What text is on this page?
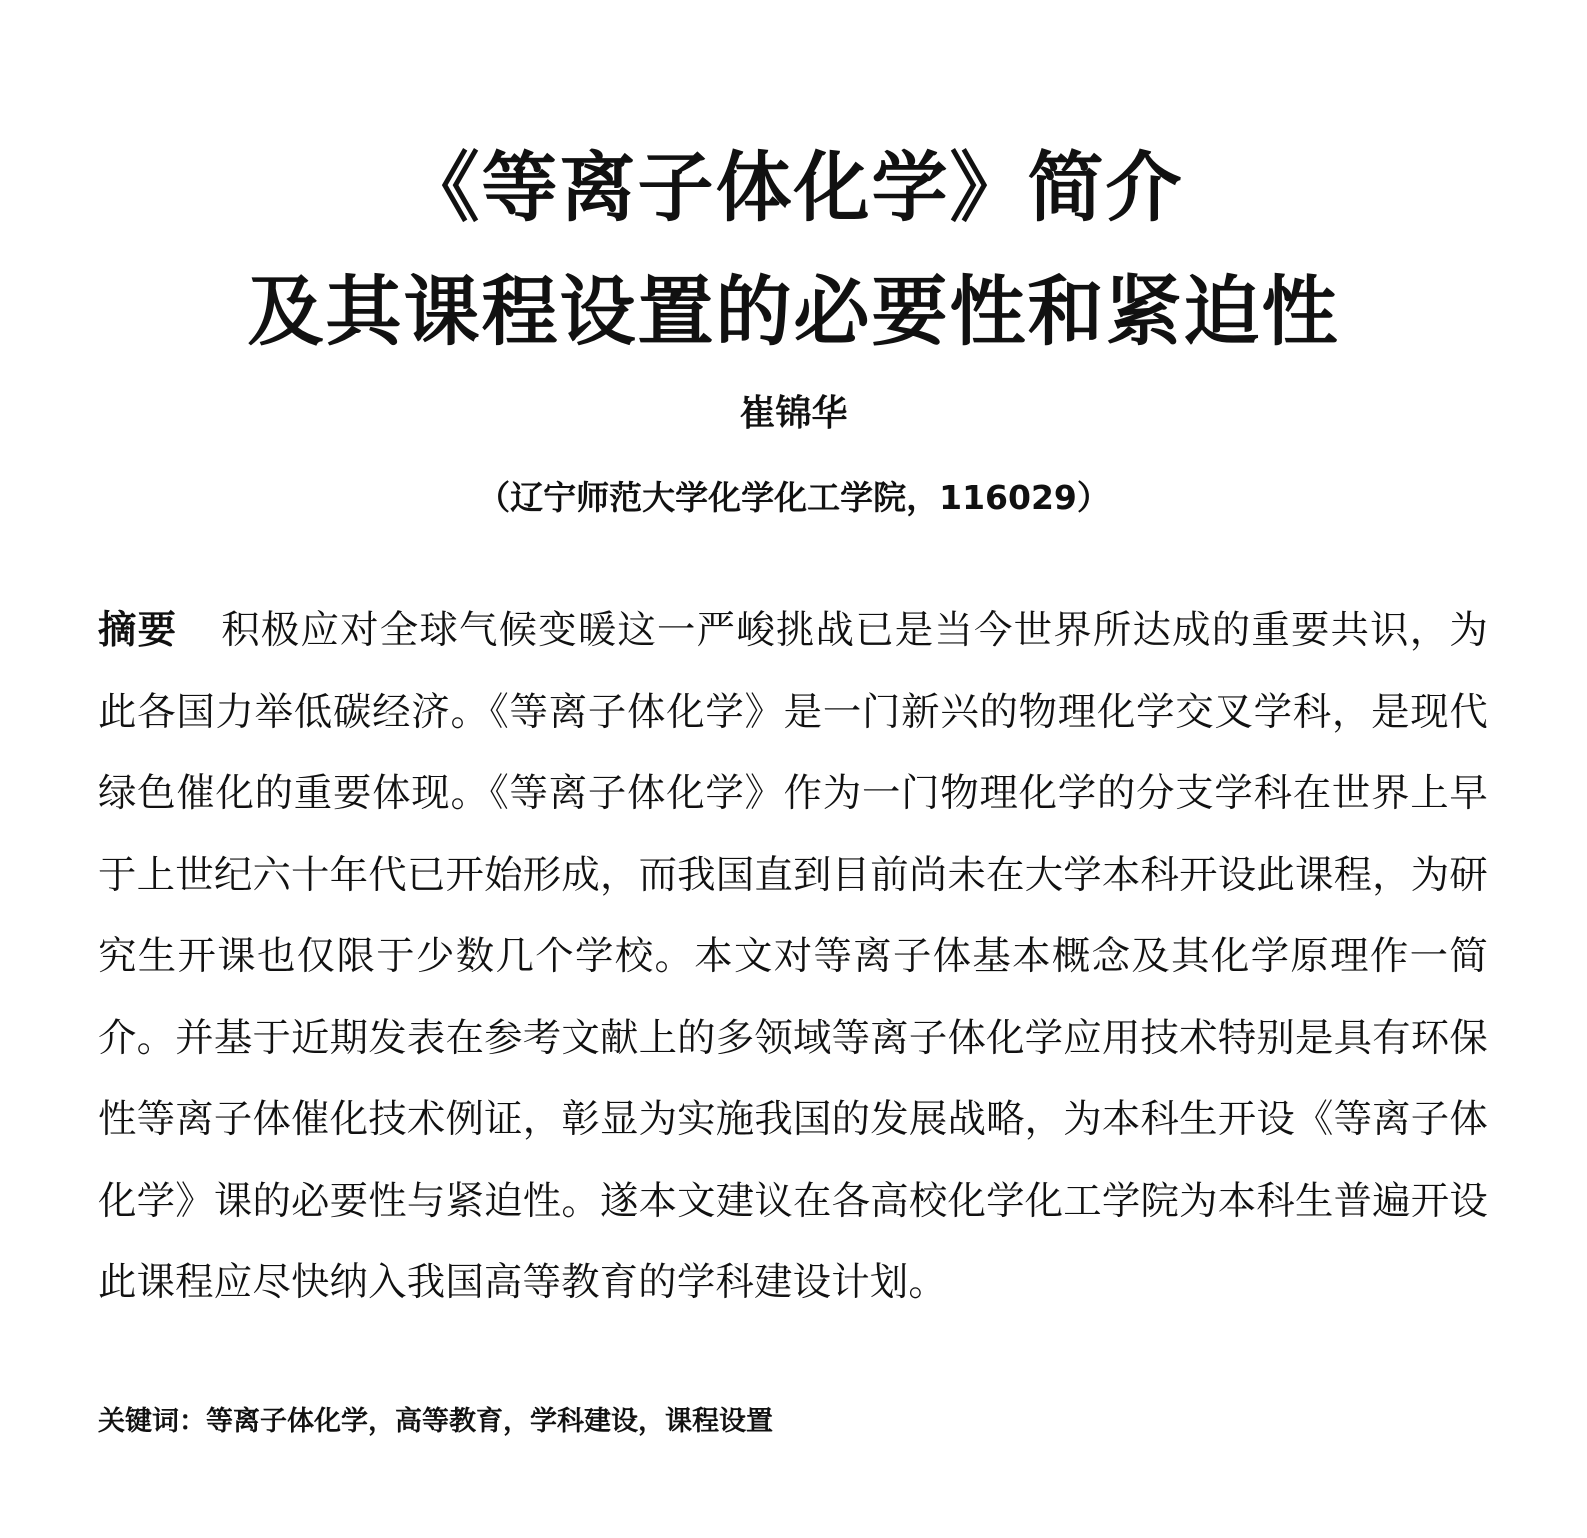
《等离子体化学》简介
及其课程设置的必要性和紧迫性
崔锦华
（辽宁师范大学化学化工学院，116029）
摘要 积极应对全球气候变暖这一严峻挑战已是当今世界所达成的重要共识，为此各国力举低碳经济。《等离子体化学》是一门新兴的物理化学交叉学科，是现代绿色催化的重要体现。《等离子体化学》作为一门物理化学的分支学科在世界上早于上世纪六十年代已开始形成，而我国直到目前尚未在大学本科开设此课程，为研究生开课也仅限于少数几个学校。本文对等离子体基本概念及其化学原理作一简介。并基于近期发表在参考文献上的多领域等离子体化学应用技术特别是具有环保性等离子体催化技术例证，彰显为实施我国的发展战略，为本科生开设《等离子体化学》课的必要性与紧迫性。遂本文建议在各高校化学化工学院为本科生普遍开设此课程应尽快纳入我国高等教育的学科建设计划。
关键词：等离子体化学，高等教育，学科建设，课程设置
